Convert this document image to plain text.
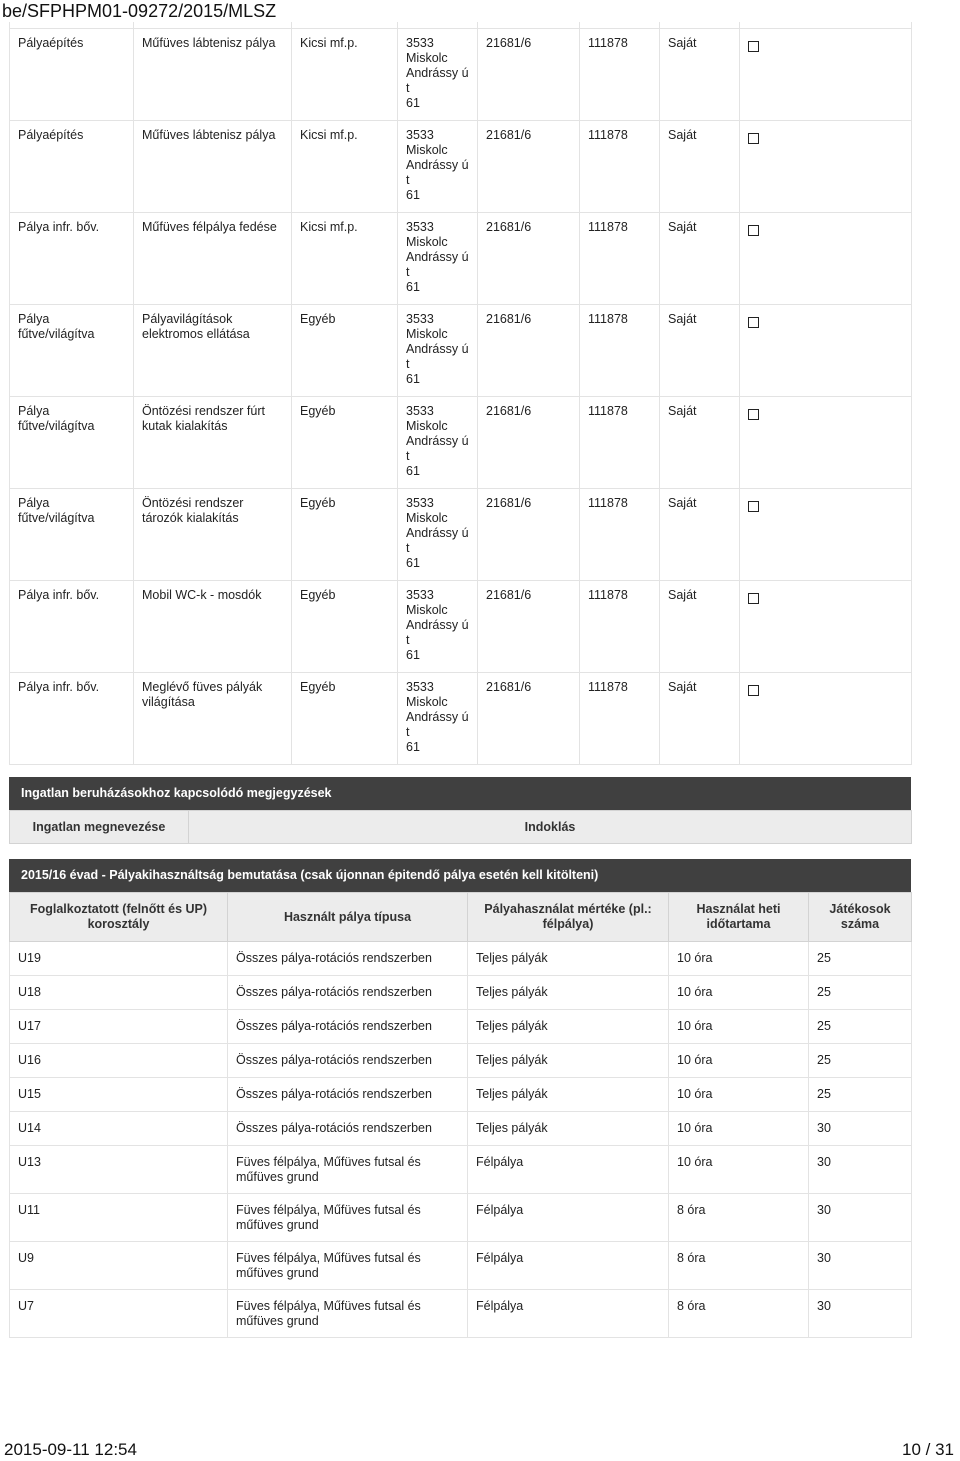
be/SFPHPM01-09272/2015/MLSZ

Pályaépítés	Műfüves lábtenisz pálya	Kicsi mf.p.	3533
Miskolc
Andrássy ú
t
61	21681/6	111878	Saját	
Pályaépítés	Műfüves lábtenisz pálya	Kicsi mf.p.	3533
Miskolc
Andrássy ú
t
61	21681/6	111878	Saját	
Pálya infr. bőv.	Műfüves félpálya fedése	Kicsi mf.p.	3533
Miskolc
Andrássy ú
t
61	21681/6	111878	Saját	
Pálya fűtve/világítva	Pályavilágítások elektromos ellátása	Egyéb	3533
Miskolc
Andrássy ú
t
61	21681/6	111878	Saját	
Pálya fűtve/világítva	Öntözési rendszer fúrt kutak kialakítás	Egyéb	3533
Miskolc
Andrássy ú
t
61	21681/6	111878	Saját	
Pálya fűtve/világítva	Öntözési rendszer tározók kialakítás	Egyéb	3533
Miskolc
Andrássy ú
t
61	21681/6	111878	Saját	
Pálya infr. bőv.	Mobil WC-k - mosdók	Egyéb	3533
Miskolc
Andrássy ú
t
61	21681/6	111878	Saját	
Pálya infr. bőv.	Meglévő füves pályák világítása	Egyéb	3533
Miskolc
Andrássy ú
t
61	21681/6	111878	Saját	
Ingatlan beruházásokhoz kapcsolódó megjegyzések
Ingatlan megnevezése	Indoklás
2015/16 évad - Pályakihasználtság bemutatása (csak újonnan épitendő pálya esetén kell kitölteni)
Foglalkoztatott (felnőtt és UP) korosztály	Használt pálya típusa	Pályahasználat mértéke (pl.: félpálya)	Használat heti időtartama	Játékosok száma
U19	Összes pálya-rotációs rendszerben	Teljes pályák	10 óra	25
U18	Összes pálya-rotációs rendszerben	Teljes pályák	10 óra	25
U17	Összes pálya-rotációs rendszerben	Teljes pályák	10 óra	25
U16	Összes pálya-rotációs rendszerben	Teljes pályák	10 óra	25
U15	Összes pálya-rotációs rendszerben	Teljes pályák	10 óra	25
U14	Összes pálya-rotációs rendszerben	Teljes pályák	10 óra	30
U13	Füves félpálya, Műfüves futsal és műfüves grund	Félpálya	10 óra	30
U11	Füves félpálya, Műfüves futsal és műfüves grund	Félpálya	8 óra	30
U9	Füves félpálya, Műfüves futsal és műfüves grund	Félpálya	8 óra	30
U7	Füves félpálya, Műfüves futsal és műfüves grund	Félpálya	8 óra	30
2015-09-11 12:54	10 / 31
